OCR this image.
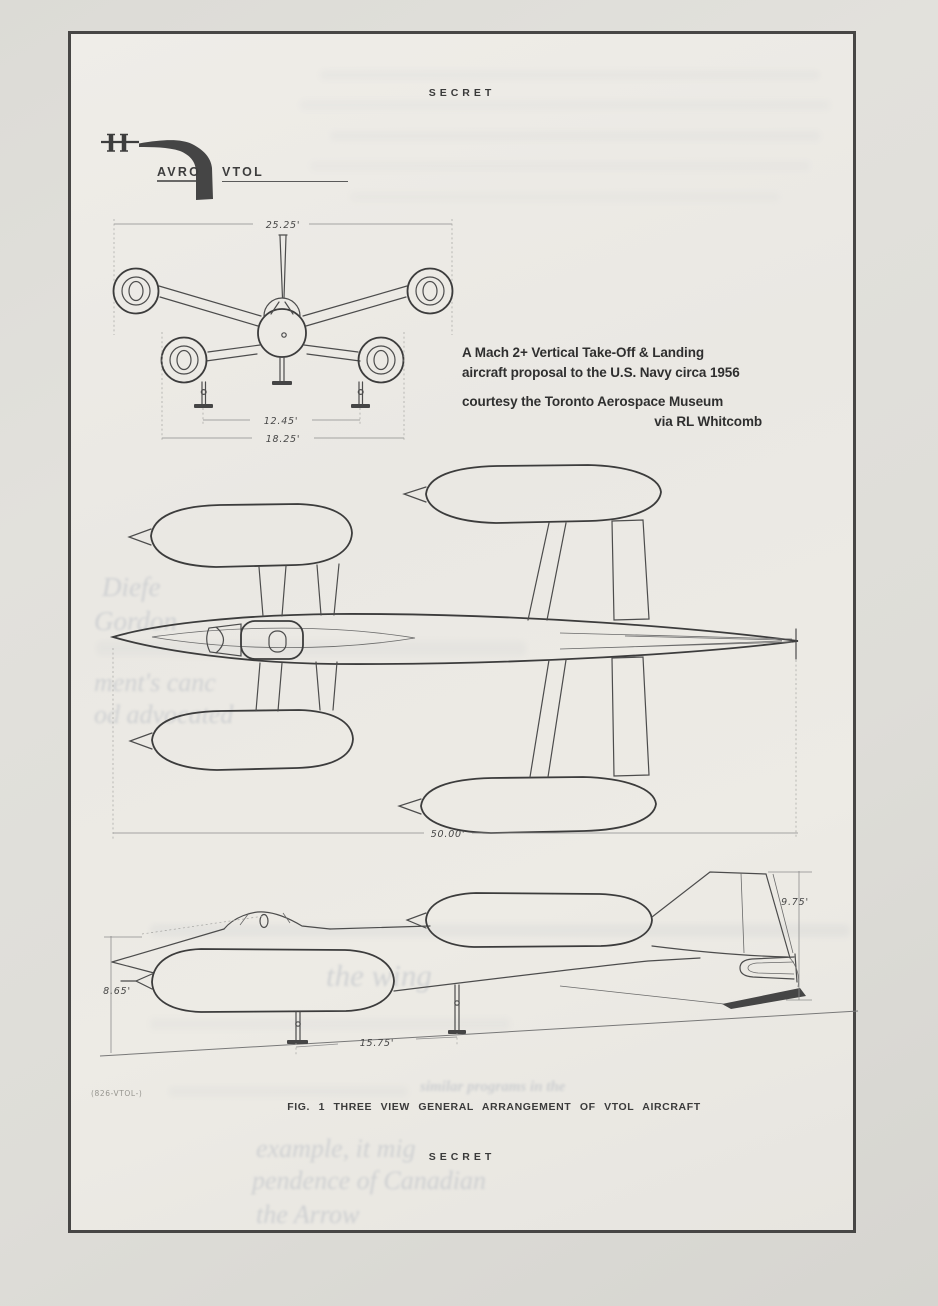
Diefe
Gordon
the wing
example, it mig
pendence of Canadian
the Arrow
similar programs in the
ment's canc
od advocated
AVRO VTOL
25.25'
12.45'
18.25'
50.00'
8.65'
15.75'
9.75'
SECRET
A Mach 2+ Vertical Take-Off & Landing
aircraft proposal to the U.S. Navy circa 1956
courtesy the Toronto Aerospace Museum
via RL Whitcomb
(826-VTOL-)
FIG. 1 THREE VIEW GENERAL ARRANGEMENT OF VTOL AIRCRAFT
SECRET
